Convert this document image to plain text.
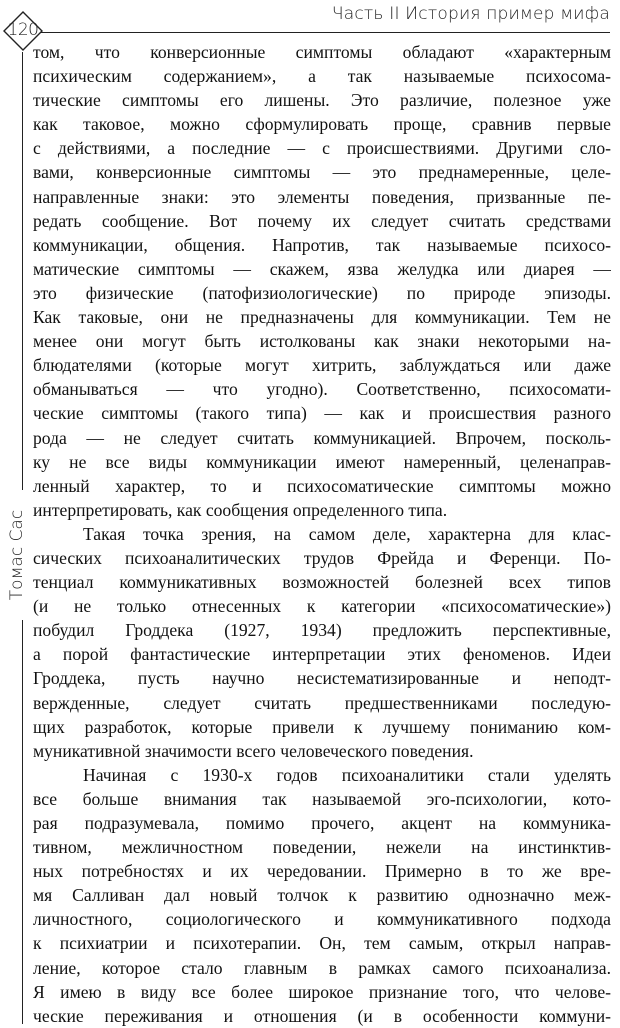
120
Часть II История пример мифа
Томас Сас
том, что конверсионные симптомы обладают «характерным
психическим содержанием», а так называемые психосома-
тические симптомы его лишены. Это различие, полезное уже
как таковое, можно сформулировать проще, сравнив первые
с действиями, а последние — с происшествиями. Другими сло-
вами, конверсионные симптомы — это преднамеренные, целе-
направленные знаки: это элементы поведения, призванные пе-
редать сообщение. Вот почему их следует считать средствами
коммуникации, общения. Напротив, так называемые психосо-
матические симптомы — скажем, язва желудка или диарея —
это физические (патофизиологические) по природе эпизоды.
Как таковые, они не предназначены для коммуникации. Тем не
менее они могут быть истолкованы как знаки некоторыми на-
блюдателями (которые могут хитрить, заблуждаться или даже
обманываться — что угодно). Соответственно, психосомати-
ческие симптомы (такого типа) — как и происшествия разного
рода — не следует считать коммуникацией. Впрочем, посколь-
ку не все виды коммуникации имеют намеренный, целенаправ-
ленный характер, то и психосоматические симптомы можно
интерпретировать, как сообщения определенного типа.
Такая точка зрения, на самом деле, характерна для клас-
сических психоаналитических трудов Фрейда и Ференци. По-
тенциал коммуникативных возможностей болезней всех типов
(и не только отнесенных к категории «психосоматические»)
побудил Гроддека (1927, 1934) предложить перспективные,
а порой фантастические интерпретации этих феноменов. Идеи
Гроддека, пусть научно несистематизированные и неподт-
вержденные, следует считать предшественниками последую-
щих разработок, которые привели к лучшему пониманию ком-
муникативной значимости всего человеческого поведения.
Начиная с 1930-х годов психоаналитики стали уделять
все больше внимания так называемой эго-психологии, кото-
рая подразумевала, помимо прочего, акцент на коммуника-
тивном, межличностном поведении, нежели на инстинктив-
ных потребностях и их чередовании. Примерно в то же вре-
мя Салливан дал новый толчок к развитию однозначно меж-
личностного, социологического и коммуникативного подхода
к психиатрии и психотерапии. Он, тем самым, открыл направ-
ление, которое стало главным в рамках самого психоанализа.
Я имею в виду все более широкое признание того, что челове-
ческие переживания и отношения (и в особенности коммуни-
